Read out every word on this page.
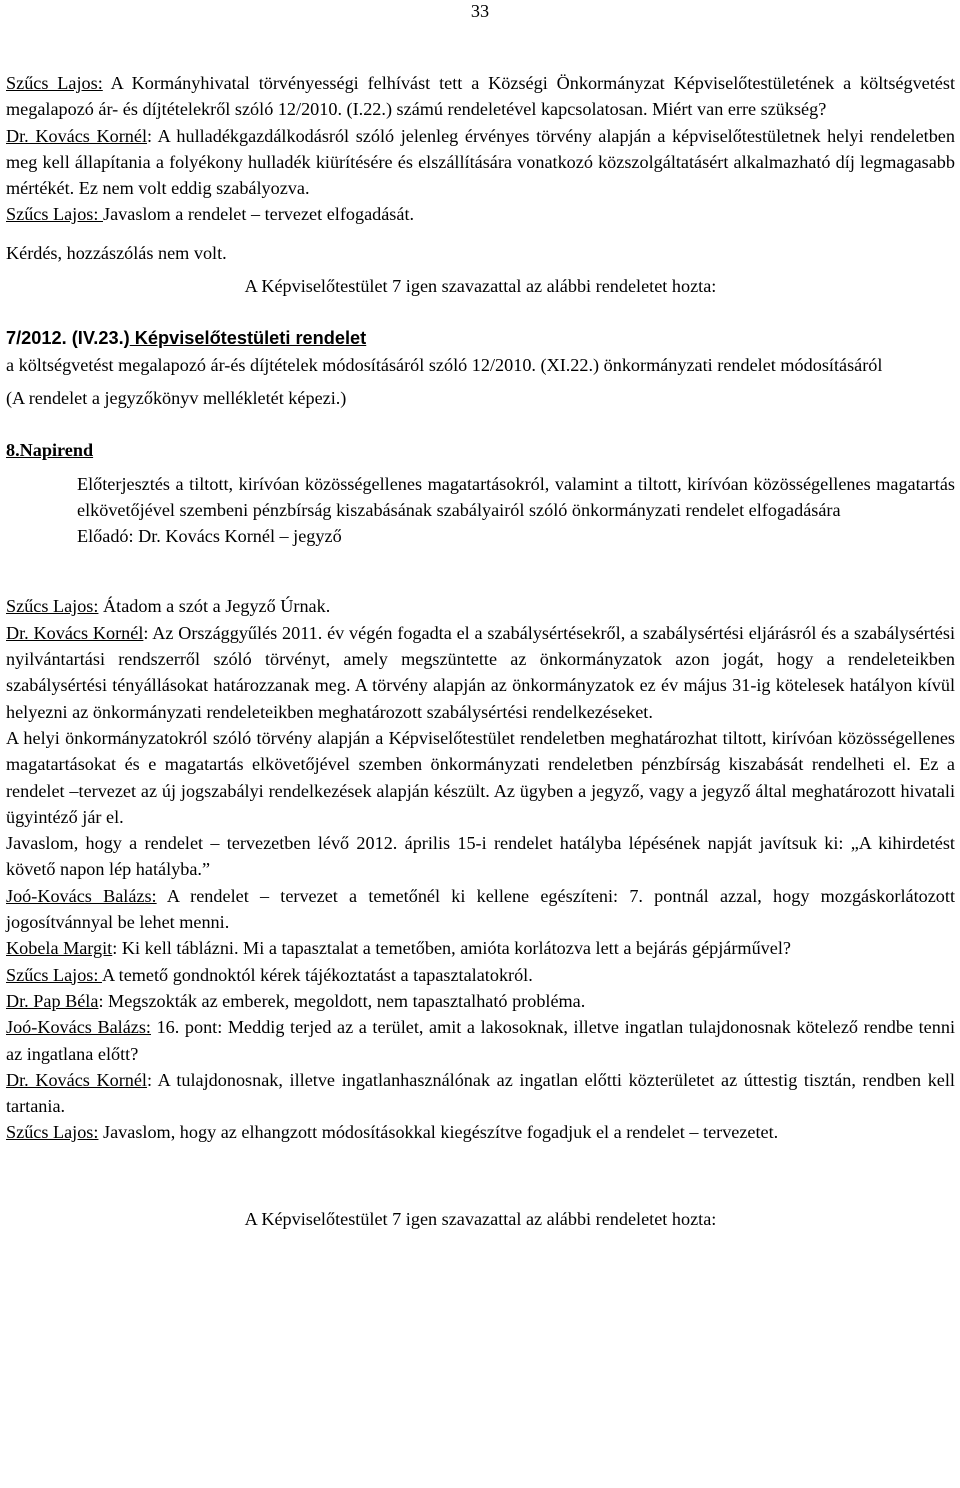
33

Szűcs Lajos: A Kormányhivatal törvényességi felhívást tett a Községi Önkormányzat Képviselőtestületének a költségvetést megalapozó ár- és díjtételekről szóló 12/2010. (I.22.) számú rendeletével kapcsolatosan. Miért van erre szükség?

Dr. Kovács Kornél: A hulladékgazdálkodásról szóló jelenleg érvényes törvény alapján a képviselőtestületnek helyi rendeletben meg kell állapítania a folyékony hulladék kiürítésére és elszállítására vonatkozó közszolgáltatásért alkalmazható díj legmagasabb mértékét. Ez nem volt eddig szabályozva.

Szűcs Lajos: Javaslom a rendelet – tervezet elfogadását.

Kérdés, hozzászólás nem volt.

A Képviselőtestület 7 igen szavazattal az alábbi rendeletet hozta:

7/2012. (IV.23.) Képviselőtestületi rendelet

a költségvetést megalapozó ár-és díjtételek módosításáról szóló 12/2010. (XI.22.) önkormányzati rendelet módosításáról

(A rendelet a jegyzőkönyv mellékletét képezi.)

8.Napirend

Előterjesztés a tiltott, kirívóan közösségellenes magatartásokról, valamint a tiltott, kirívóan közösségellenes magatartás elkövetőjével szembeni pénzbírság kiszabásának szabályairól szóló önkormányzati rendelet elfogadására

Előadó: Dr. Kovács Kornél – jegyző

Szűcs Lajos: Átadom a szót a Jegyző Úrnak.

Dr. Kovács Kornél: Az Országgyűlés 2011. év végén fogadta el a szabálysértésekről, a szabálysértési eljárásról és a szabálysértési nyilvántartási rendszerről szóló törvényt, amely megszüntette az önkormányzatok azon jogát, hogy a rendeleteikben szabálysértési tényállásokat határozzanak meg. A törvény alapján az önkormányzatok ez év május 31-ig kötelesek hatályon kívül helyezni az önkormányzati rendeleteikben meghatározott szabálysértési rendelkezéseket.

A helyi önkormányzatokról szóló törvény alapján a Képviselőtestület rendeletben meghatározhat tiltott, kirívóan közösségellenes magatartásokat és e magatartás elkövetőjével szemben önkormányzati rendeletben pénzbírság kiszabását rendelheti el. Ez a rendelet –tervezet az új jogszabályi rendelkezések alapján készült. Az ügyben a jegyző, vagy a jegyző által meghatározott hivatali ügyintéző jár el.

Javaslom, hogy a rendelet – tervezetben lévő 2012. április 15-i rendelet hatályba lépésének napját javítsuk ki: „A kihirdetést követő napon lép hatályba.”

Joó-Kovács Balázs: A rendelet – tervezet a temetőnél ki kellene egészíteni: 7. pontnál azzal, hogy mozgáskorlátozott jogosítvánnyal be lehet menni.

Kobela Margit: Ki kell táblázni. Mi a tapasztalat a temetőben, amióta korlátozva lett a bejárás gépjárművel?

Szűcs Lajos: A temető gondnoktól kérek tájékoztatást a tapasztalatokról.

Dr. Pap Béla: Megszokták az emberek, megoldott, nem tapasztalható probléma.

Joó-Kovács Balázs: 16. pont: Meddig terjed az a terület, amit a lakosoknak, illetve ingatlan tulajdonosnak kötelező rendbe tenni az ingatlana előtt?

Dr. Kovács Kornél: A tulajdonosnak, illetve ingatlanhasználónak az ingatlan előtti közterületet az úttestig tisztán, rendben kell tartania.

Szűcs Lajos: Javaslom, hogy az elhangzott módosításokkal kiegészítve fogadjuk el a rendelet – tervezetet.

A Képviselőtestület 7 igen szavazattal az alábbi rendeletet hozta:
